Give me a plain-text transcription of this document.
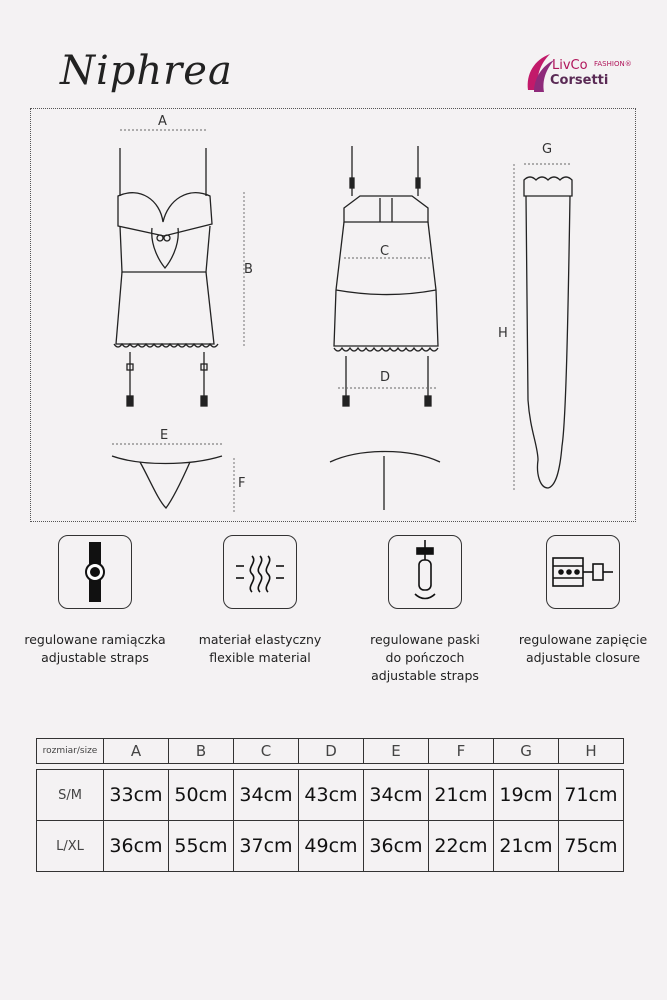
Niphrea	LivCo FASHION®
Corsetti
A
B
C
D
E
F
G
H
regulowane ramiączka
adjustable straps
materiał elastyczny
flexible material
regulowane paski
do pończoch
adjustable straps
regulowane zapięcie
adjustable closure
rozmiar/size	A	B	C	D	E	F	G	H

S/M	33cm	50cm	34cm	43cm	34cm	21cm	19cm	71cm
L/XL	36cm	55cm	37cm	49cm	36cm	22cm	21cm	75cm
